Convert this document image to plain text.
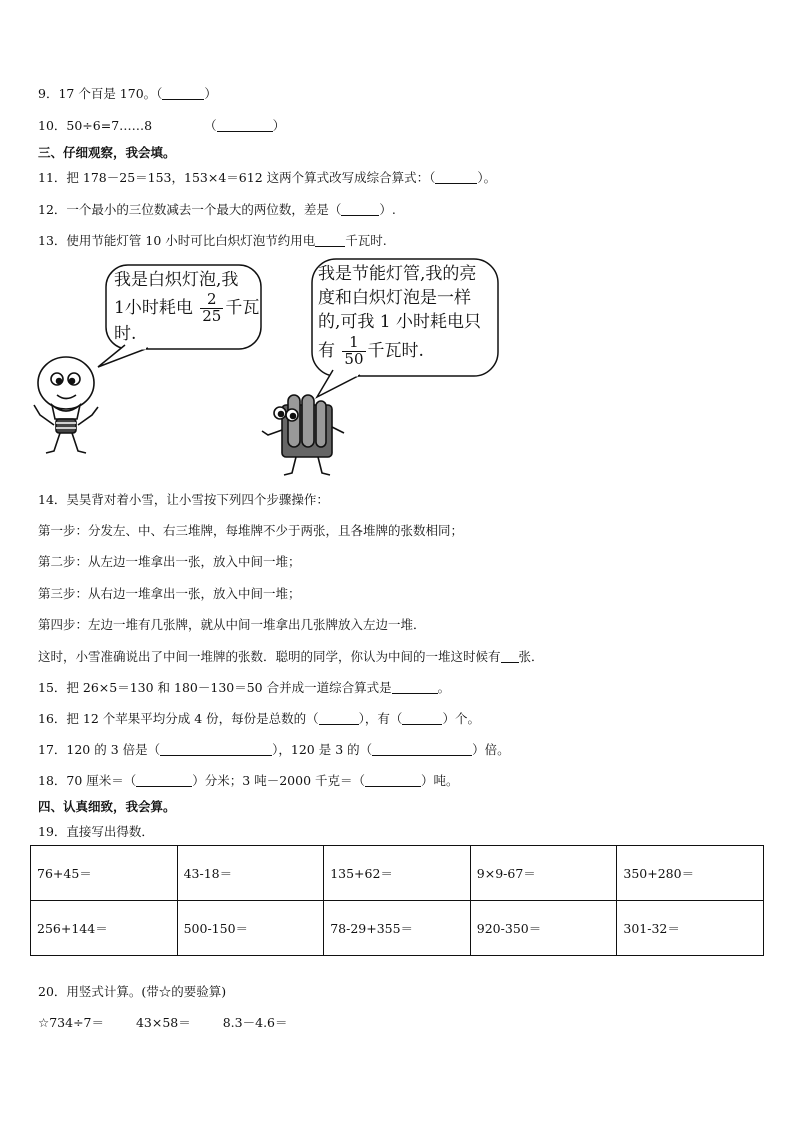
9．17 个百是 170。（	）
10．50÷6=7……8	（	）
三、仔细观察，我会填。
11．把 178－25＝153，153×4＝612 这两个算式改写成综合算式：（	）。
12．一个最小的三位数减去一个最大的两位数，差是（	）.
13．使用节能灯管 10 小时可比白炽灯泡节约用电 千瓦时.
我是白炽灯泡,我
1小时耗电 $\frac{2}{25}$ 千瓦
时.
我是节能灯管,我的亮
度和白炽灯泡是一样
的,可我 1 小时耗电只
有 $\frac{1}{50}$ 千瓦时.
14．昊昊背对着小雪，让小雪按下列四个步骤操作：
第一步：分发左、中、右三堆牌，每堆牌不少于两张，且各堆牌的张数相同；
第二步：从左边一堆拿出一张，放入中间一堆；
第三步：从右边一堆拿出一张，放入中间一堆；
第四步：左边一堆有几张牌，就从中间一堆拿出几张牌放入左边一堆．
这时，小雪准确说出了中间一堆牌的张数．聪明的同学，你认为中间的一堆这时候有 张．
15．把 26×5＝130 和 180－130＝50 合并成一道综合算式是	。
16．把 12 个苹果平均分成 4 份，每份是总数的（	），有（	）个。
17．120 的 3 倍是（	），120 是 3 的（	）倍。
18．70 厘米＝（	）分米；3 吨－2000 千克＝（	）吨。
四、认真细致，我会算。
19．直接写出得数．
76+45＝	43-18＝	135+62＝	9×9-67＝	350+280＝
256+144＝	500-150＝	78-29+355＝	920-350＝	301-32＝
20．用竖式计算。(带☆的要验算)
☆734÷7＝	43×58＝	8.3－4.6＝
